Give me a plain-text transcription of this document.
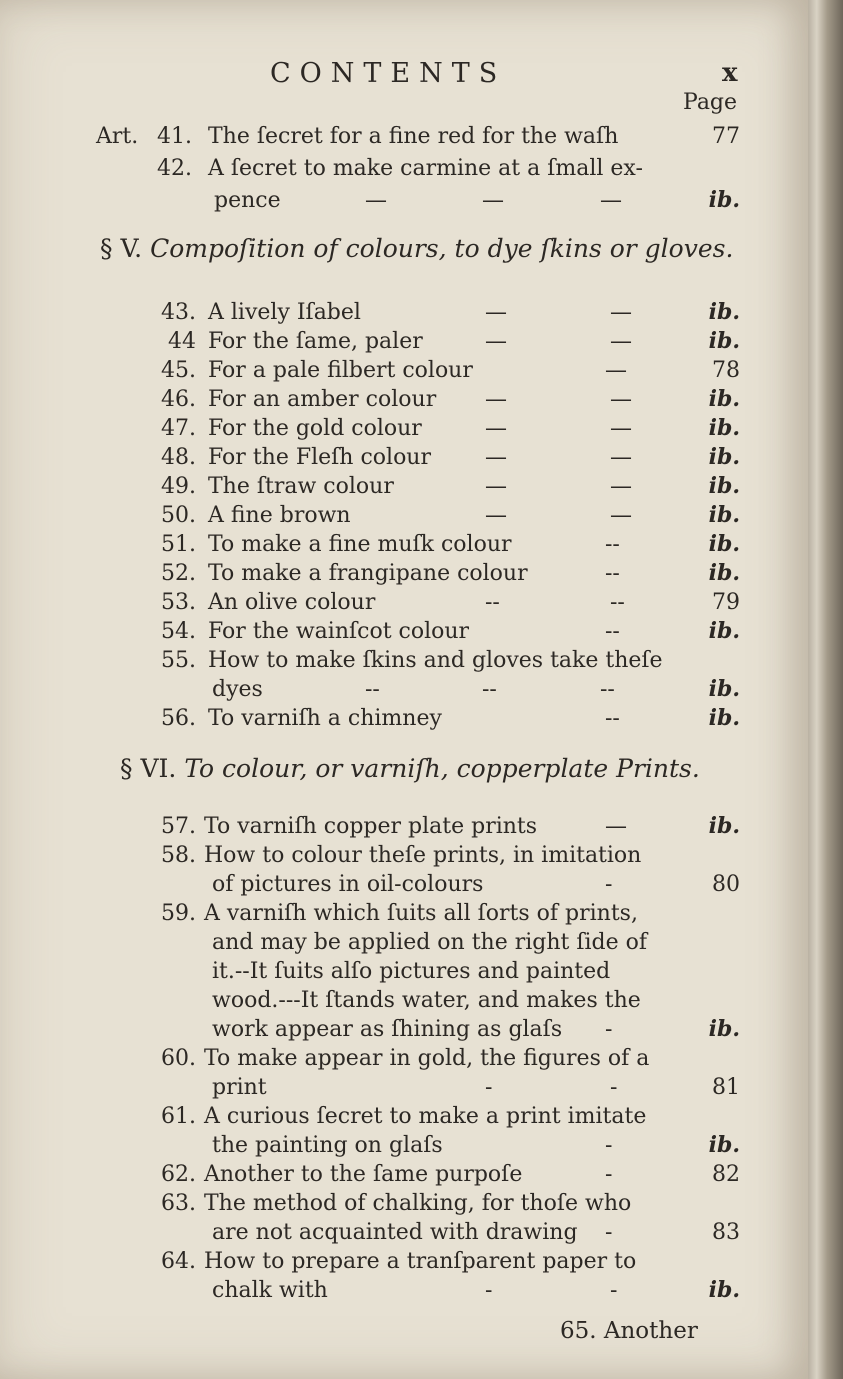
CONTENTS	x
Page
Art. 41. The ſecret for a fine red for the waſh	77
42. A ſecret to make carmine at a ſmall ex-
pence	—	—	—	ib.
43. A lively Iſabel	—	—	ib.
44 For the ſame, paler	—	—	ib.
45. For a pale filbert colour	—	78
46. For an amber colour —	—	ib.
47. For the gold colour	—	—	ib.
48. For the Fleſh colour —	—	ib.
49. The ſtraw colour	—	—	ib.
50. A fine brown	—	—	ib.
51. To make a fine muſk colour	--	ib.
52. To make a frangipane colour	--	ib.
53. An olive colour	--	--	79
54. For the wainſcot colour	--	ib.
55. How to make ſkins and gloves take theſe
dyes	--	--	--	ib.
56. To varniſh a chimney	--	ib.
57. To varniſh copper plate prints	—	ib.
58. How to colour theſe prints, in imitation
of pictures in oil-colours	-	80
59. A varniſh which ſuits all ſorts of prints,
and may be applied on the right ſide of
it.--It ſuits alſo pictures and painted
wood.---It ſtands water, and makes the
work appear as ſhining as glaſs -	ib.
60. To make appear in gold, the figures of a
print	-	-	81
61. A curious ſecret to make a print imitate
the painting on glaſs	-	ib.
62. Another to the ſame purpoſe	-	82
63. The method of chalking, for thoſe who
are not acquainted with drawing -	83
64. How to prepare a tranſparent paper to
chalk with	-	-	ib.
§ V. Compoſition of colours, to dye ſkins or gloves.
§ VI. To colour, or varniſh, copperplate Prints.
65. Another
